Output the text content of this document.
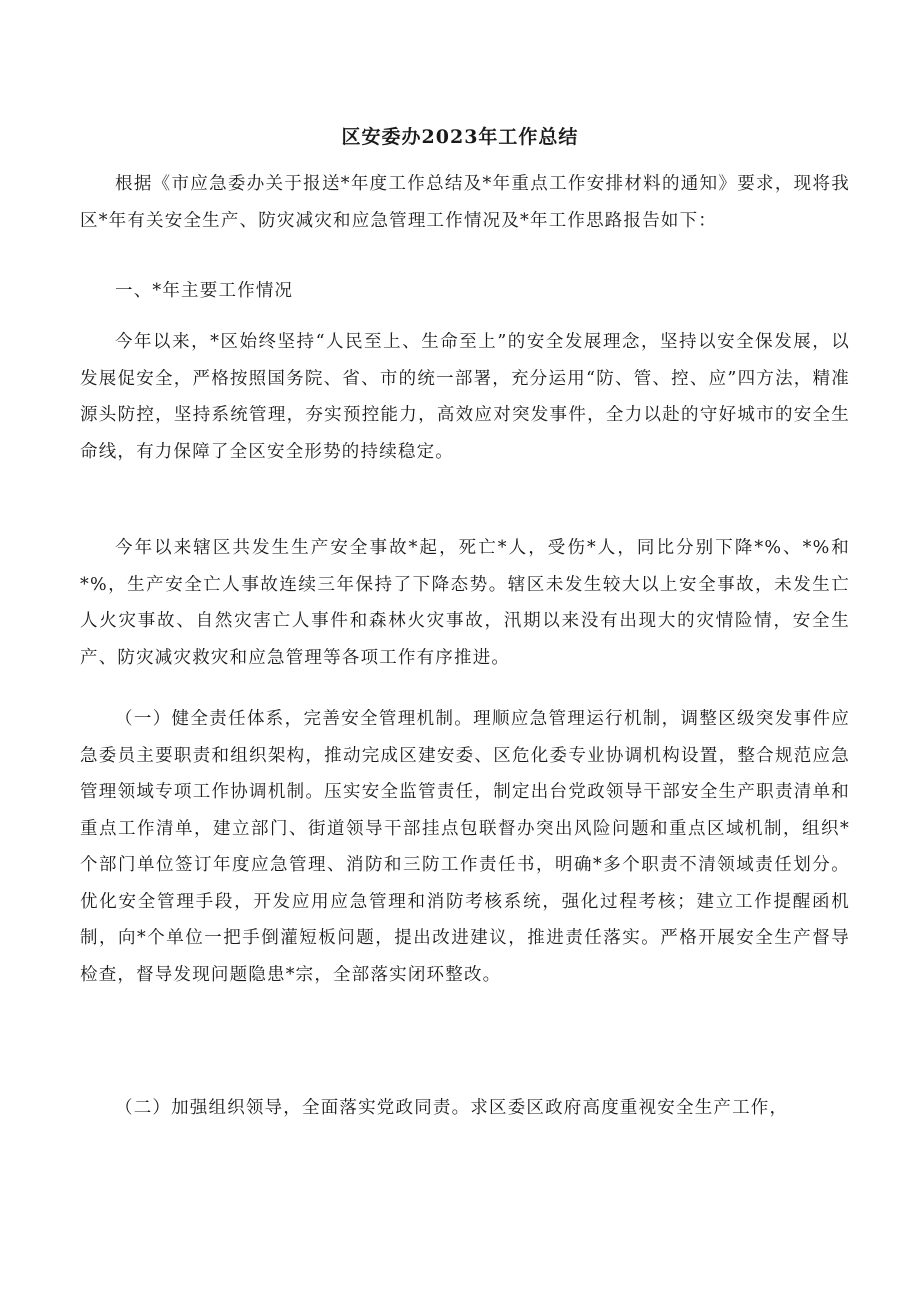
区安委办2023年工作总结

根据《市应急委办关于报送*年度工作总结及*年重点工作安排材料的通知》要求，现将我区*年有关安全生产、防灾减灾和应急管理工作情况及*年工作思路报告如下：

一、*年主要工作情况

今年以来，*区始终坚持“人民至上、生命至上”的安全发展理念，坚持以安全保发展，以发展促安全，严格按照国务院、省、市的统一部署，充分运用“防、管、控、应”四方法，精准源头防控，坚持系统管理，夯实预控能力，高效应对突发事件，全力以赴的守好城市的安全生命线，有力保障了全区安全形势的持续稳定。

今年以来辖区共发生生产安全事故*起，死亡*人，受伤*人，同比分别下降*%、*%和*%，生产安全亡人事故连续三年保持了下降态势。辖区未发生较大以上安全事故，未发生亡人火灾事故、自然灾害亡人事件和森林火灾事故，汛期以来没有出现大的灾情险情，安全生产、防灾减灾救灾和应急管理等各项工作有序推进。

（一）健全责任体系，完善安全管理机制。理顺应急管理运行机制，调整区级突发事件应急委员主要职责和组织架构，推动完成区建安委、区危化委专业协调机构设置，整合规范应急管理领域专项工作协调机制。压实安全监管责任，制定出台党政领导干部安全生产职责清单和重点工作清单，建立部门、街道领导干部挂点包联督办突出风险问题和重点区域机制，组织*个部门单位签订年度应急管理、消防和三防工作责任书，明确*多个职责不清领域责任划分。优化安全管理手段，开发应用应急管理和消防考核系统，强化过程考核；建立工作提醒函机制，向*个单位一把手倒灌短板问题，提出改进建议，推进责任落实。严格开展安全生产督导检查，督导发现问题隐患*宗，全部落实闭环整改。

（二）加强组织领导，全面落实党政同责。求区委区政府高度重视安全生产工作，
